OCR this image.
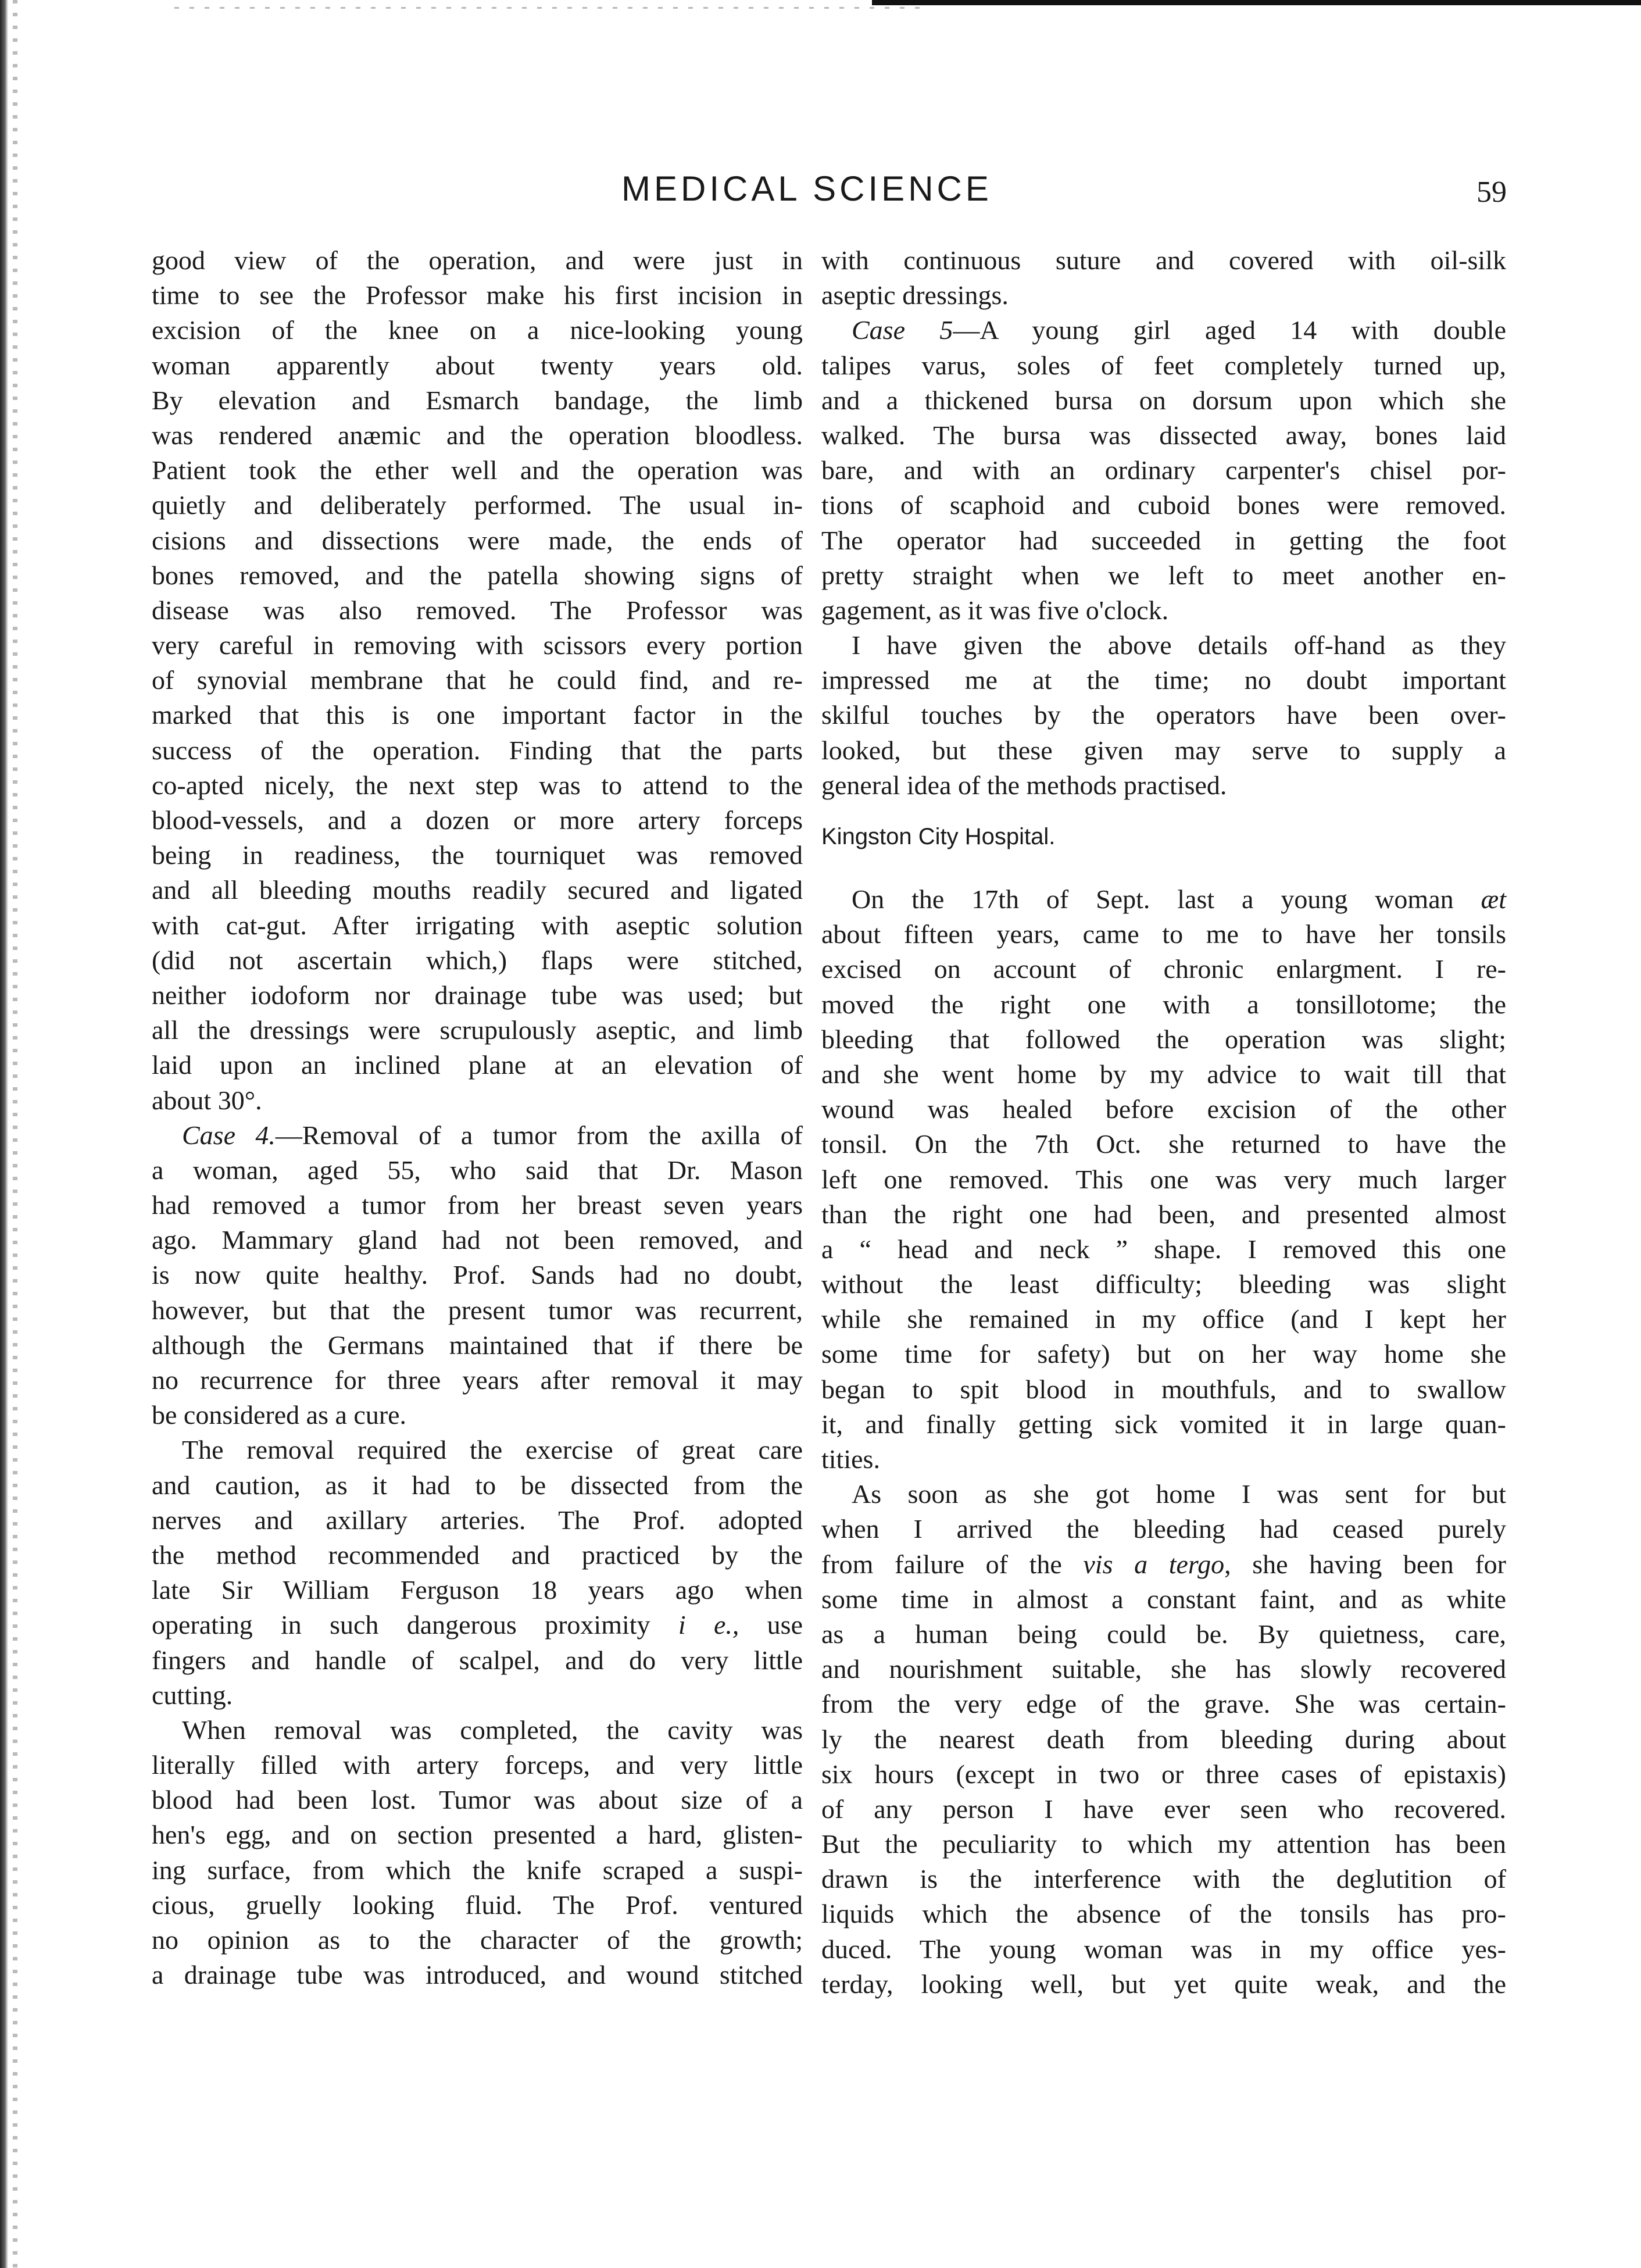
MEDICAL SCIENCE	59
good view of the operation, and were just in
time to see the Professor make his first incision in
excision of the knee on a nice-looking young
woman apparently about twenty years old.
By elevation and Esmarch bandage, the limb
was rendered anæmic and the operation bloodless.
Patient took the ether well and the operation was
quietly and deliberately performed. The usual in-
cisions and dissections were made, the ends of
bones removed, and the patella showing signs of
disease was also removed. The Professor was
very careful in removing with scissors every portion
of synovial membrane that he could find, and re-
marked that this is one important factor in the
success of the operation. Finding that the parts
co-apted nicely, the next step was to attend to the
blood-vessels, and a dozen or more artery forceps
being in readiness, the tourniquet was removed
and all bleeding mouths readily secured and ligated
with cat-gut. After irrigating with aseptic solution
(did not ascertain which,) flaps were stitched,
neither iodoform nor drainage tube was used; but
all the dressings were scrupulously aseptic, and limb
laid upon an inclined plane at an elevation of
about 30°.
Case 4.—Removal of a tumor from the axilla of
a woman, aged 55, who said that Dr. Mason
had removed a tumor from her breast seven years
ago. Mammary gland had not been removed, and
is now quite healthy. Prof. Sands had no doubt,
however, but that the present tumor was recurrent,
although the Germans maintained that if there be
no recurrence for three years after removal it may
be considered as a cure.
The removal required the exercise of great care
and caution, as it had to be dissected from the
nerves and axillary arteries. The Prof. adopted
the method recommended and practiced by the
late Sir William Ferguson 18 years ago when
operating in such dangerous proximity i e., use
fingers and handle of scalpel, and do very little
cutting.
When removal was completed, the cavity was
literally filled with artery forceps, and very little
blood had been lost. Tumor was about size of a
hen's egg, and on section presented a hard, glisten-
ing surface, from which the knife scraped a suspi-
cious, gruelly looking fluid. The Prof. ventured
no opinion as to the character of the growth;
a drainage tube was introduced, and wound stitched
with continuous suture and covered with oil-silk
aseptic dressings.
Case 5—A young girl aged 14 with double
talipes varus, soles of feet completely turned up,
and a thickened bursa on dorsum upon which she
walked. The bursa was dissected away, bones laid
bare, and with an ordinary carpenter's chisel por-
tions of scaphoid and cuboid bones were removed.
The operator had succeeded in getting the foot
pretty straight when we left to meet another en-
gagement, as it was five o'clock.
I have given the above details off-hand as they
impressed me at the time; no doubt important
skilful touches by the operators have been over-
looked, but these given may serve to supply a
general idea of the methods practised.
Kingston City Hospital.
On the 17th of Sept. last a young woman æt
about fifteen years, came to me to have her tonsils
excised on account of chronic enlargment. I re-
moved the right one with a tonsillotome; the
bleeding that followed the operation was slight;
and she went home by my advice to wait till that
wound was healed before excision of the other
tonsil. On the 7th Oct. she returned to have the
left one removed. This one was very much larger
than the right one had been, and presented almost
a “ head and neck ” shape. I removed this one
without the least difficulty; bleeding was slight
while she remained in my office (and I kept her
some time for safety) but on her way home she
began to spit blood in mouthfuls, and to swallow
it, and finally getting sick vomited it in large quan-
tities.
As soon as she got home I was sent for but
when I arrived the bleeding had ceased purely
from failure of the vis a tergo, she having been for
some time in almost a constant faint, and as white
as a human being could be. By quietness, care,
and nourishment suitable, she has slowly recovered
from the very edge of the grave. She was certain-
ly the nearest death from bleeding during about
six hours (except in two or three cases of epistaxis)
of any person I have ever seen who recovered.
But the peculiarity to which my attention has been
drawn is the interference with the deglutition of
liquids which the absence of the tonsils has pro-
duced. The young woman was in my office yes-
terday, looking well, but yet quite weak, and the
